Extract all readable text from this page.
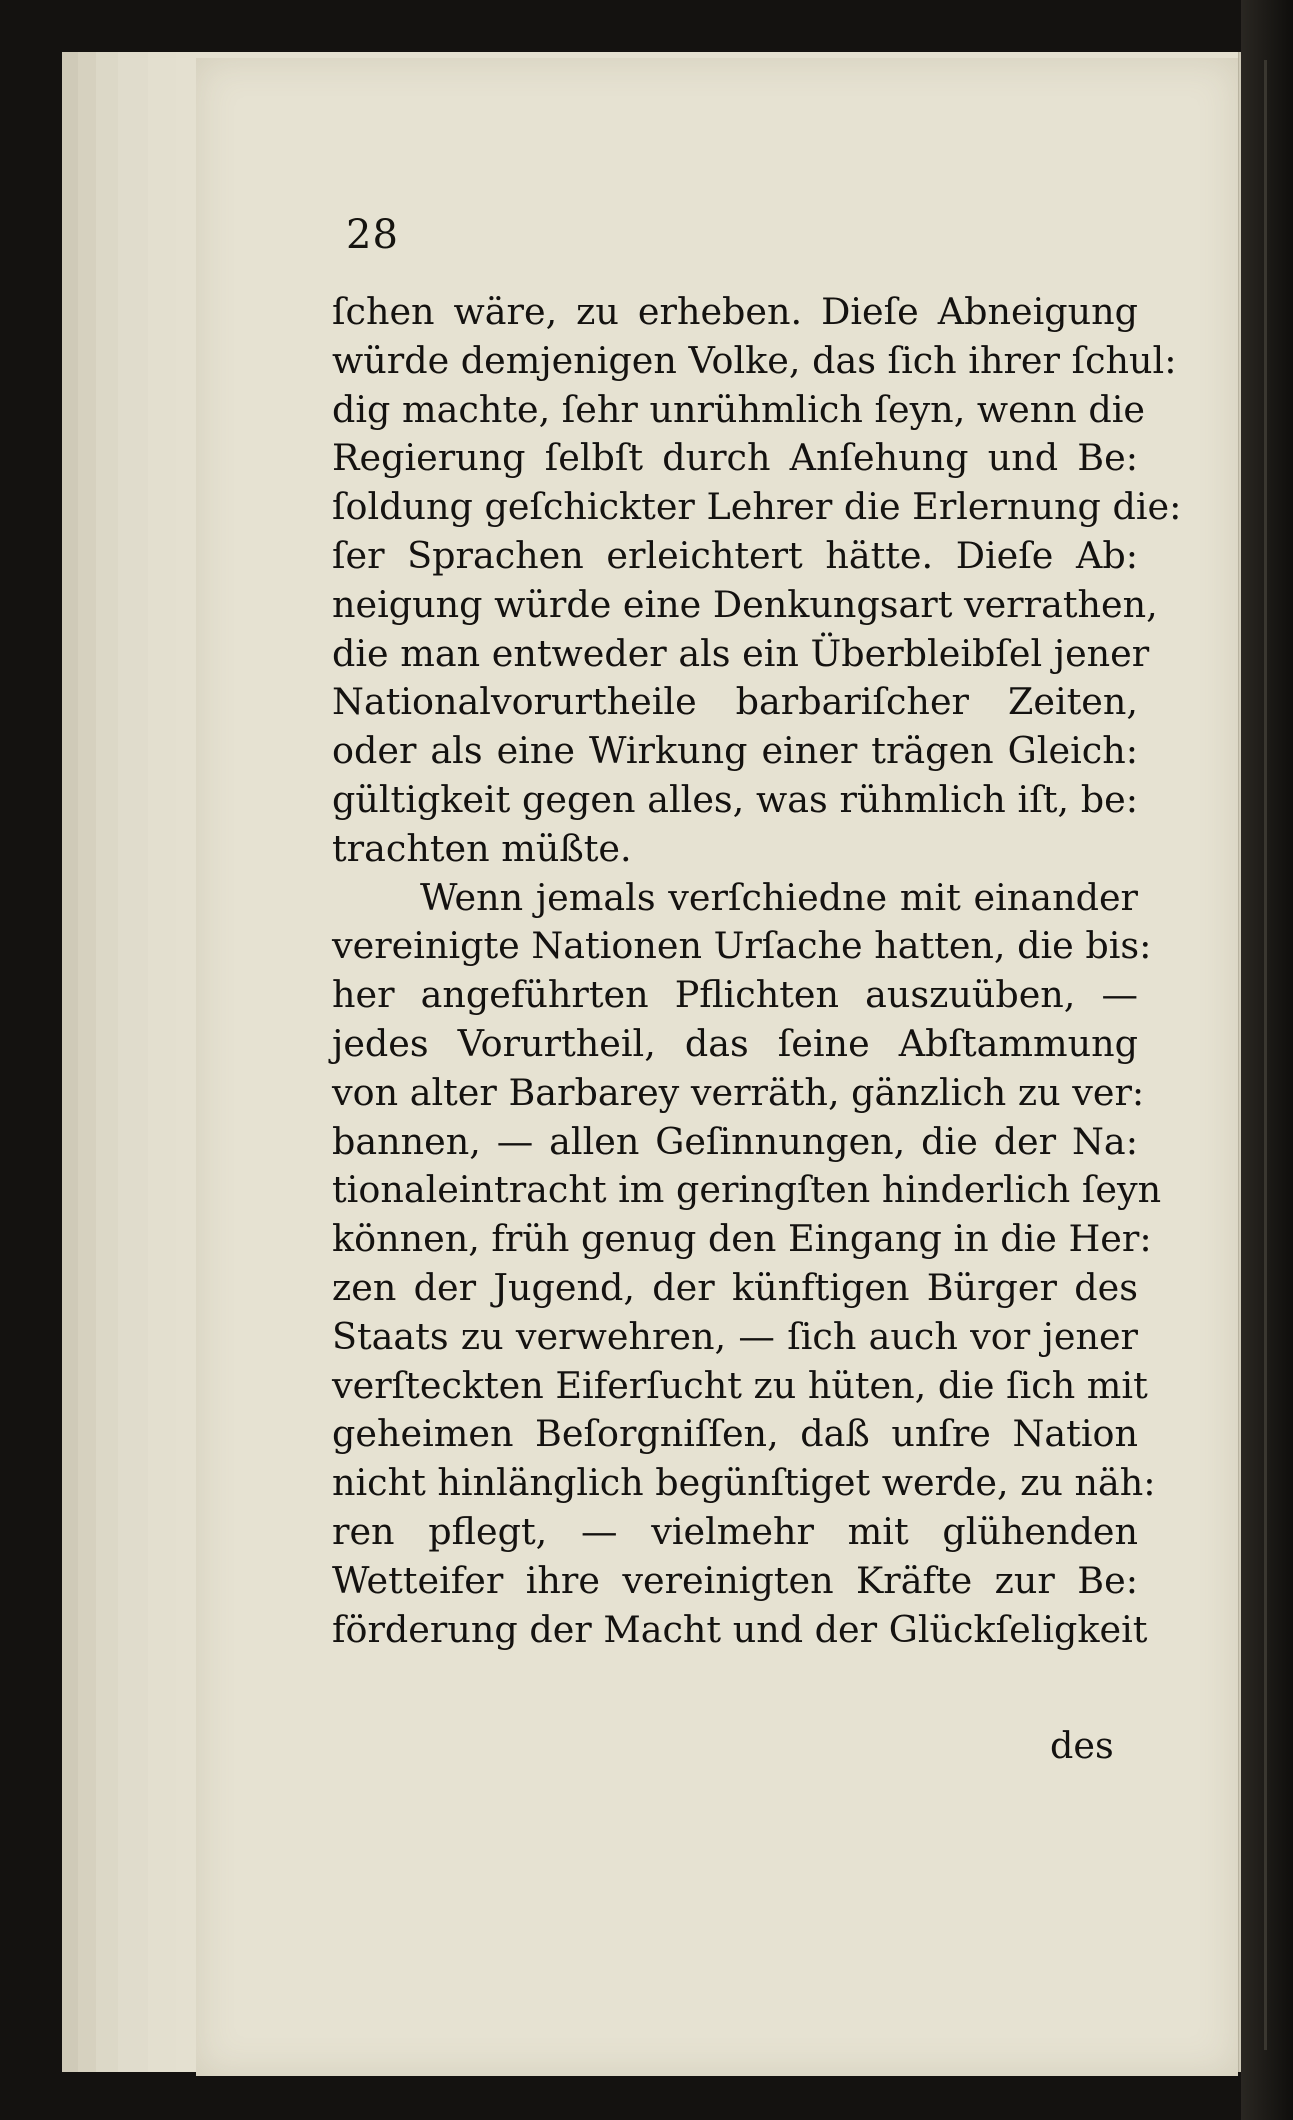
28
ſchen wäre, zu erheben. Dieſe Abneigung
würde demjenigen Volke, das ſich ihrer ſchul:
dig machte, ſehr unrühmlich ſeyn, wenn die
Regierung ſelbſt durch Anſehung und Be:
ſoldung geſchickter Lehrer die Erlernung die:
ſer Sprachen erleichtert hätte. Dieſe Ab:
neigung würde eine Denkungsart verrathen,
die man entweder als ein Überbleibſel jener
Nationalvorurtheile barbariſcher Zeiten,
oder als eine Wirkung einer trägen Gleich:
gültigkeit gegen alles, was rühmlich iſt, be:
trachten müßte.
Wenn jemals verſchiedne mit einander
vereinigte Nationen Urſache hatten, die bis:
her angeführten Pflichten auszuüben, —
jedes Vorurtheil, das ſeine Abſtammung
von alter Barbarey verräth, gänzlich zu ver:
bannen, — allen Geſinnungen, die der Na:
tionaleintracht im geringſten hinderlich ſeyn
können, früh genug den Eingang in die Her:
zen der Jugend, der künftigen Bürger des
Staats zu verwehren, — ſich auch vor jener
verſteckten Eiferſucht zu hüten, die ſich mit
geheimen Beſorgniſſen, daß unſre Nation
nicht hinlänglich begünſtiget werde, zu näh:
ren pflegt, — vielmehr mit glühenden
Wetteifer ihre vereinigten Kräfte zur Be:
förderung der Macht und der Glückſeligkeit
des
